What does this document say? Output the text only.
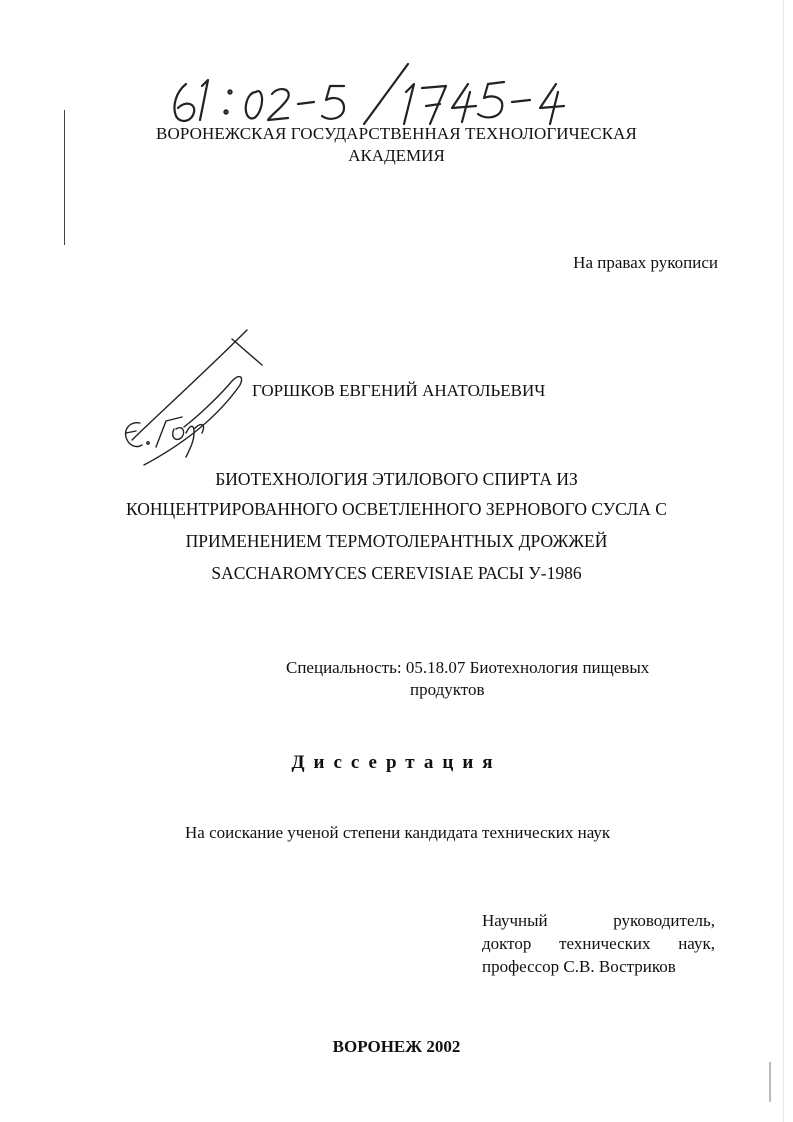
ВОРОНЕЖСКАЯ ГОСУДАРСТВЕННАЯ ТЕХНОЛОГИЧЕСКАЯ
АКАДЕМИЯ
На правах рукописи
ГОРШКОВ ЕВГЕНИЙ АНАТОЛЬЕВИЧ
БИОТЕХНОЛОГИЯ ЭТИЛОВОГО СПИРТА ИЗ
КОНЦЕНТРИРОВАННОГО ОСВЕТЛЕННОГО ЗЕРНОВОГО СУСЛА С
ПРИМЕНЕНИЕМ ТЕРМОТОЛЕРАНТНЫХ ДРОЖЖЕЙ
SACCHAROMYCES CEREVISIAE РАСЫ У-1986
Специальность: 05.18.07 Биотехнология пищевых
продуктов
Диссертация
На соискание ученой степени кандидата технических наук
Научный руководитель,
доктор технических наук,
профессор С.В. Востриков
ВОРОНЕЖ 2002
